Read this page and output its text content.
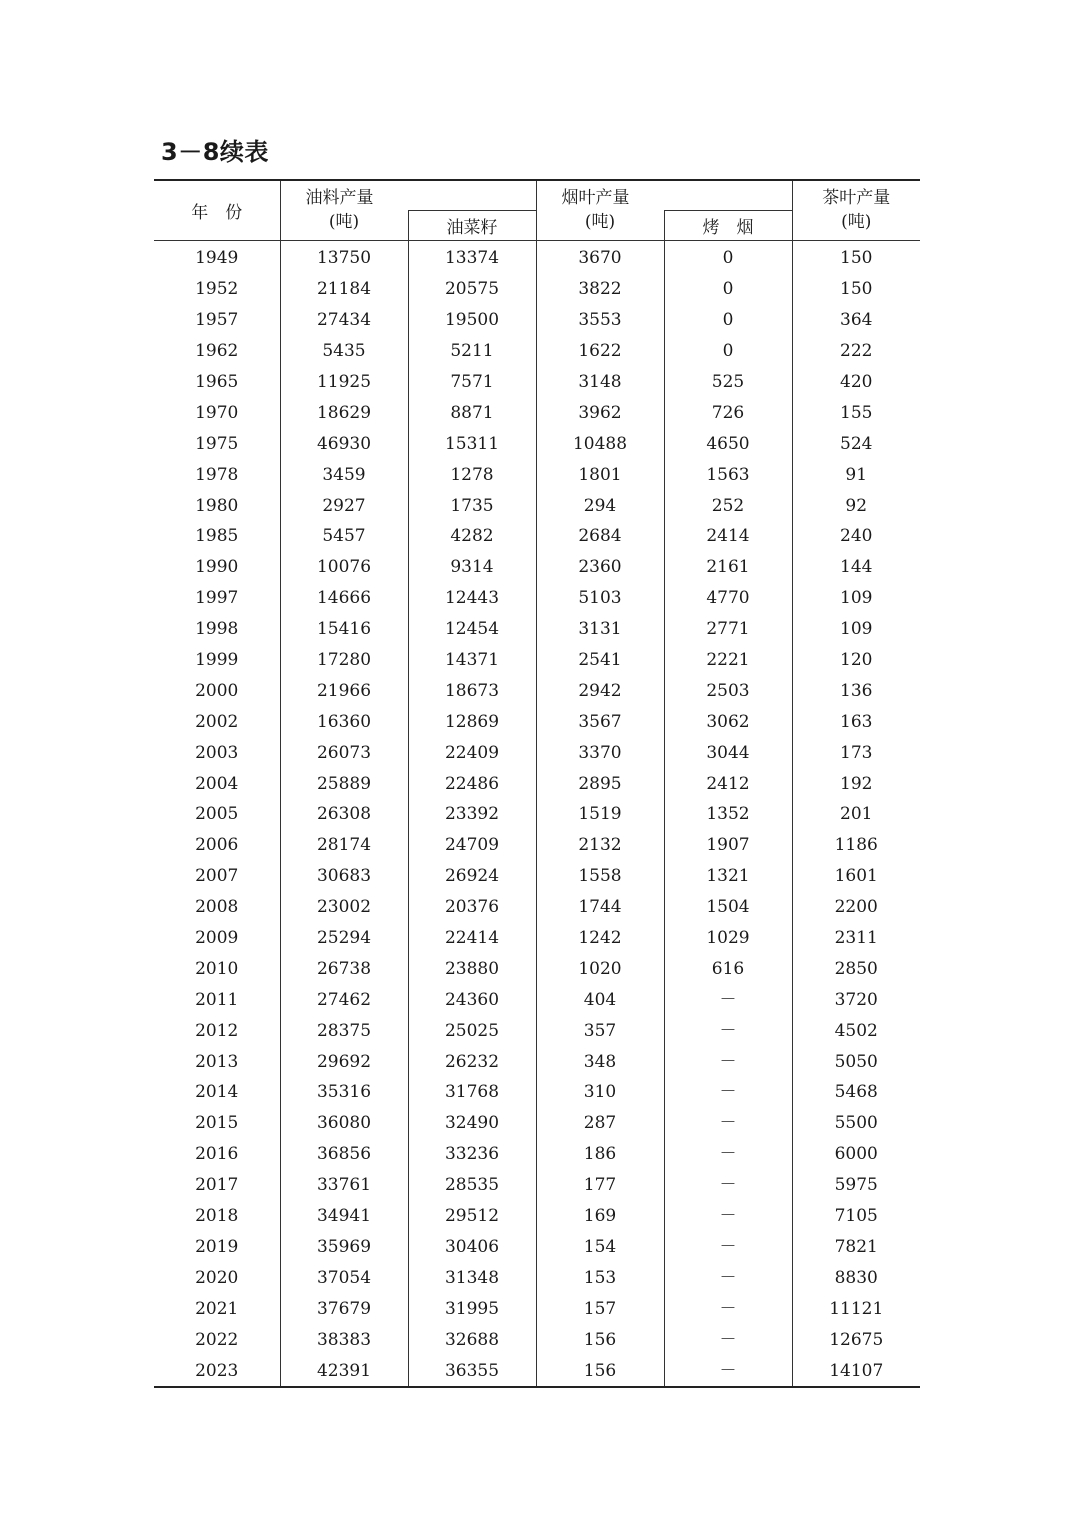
3－8续表
年　份	油料产量		烟叶产量		茶叶产量
	(吨)	油菜籽	(吨)	烤　烟	(吨)
1949	13750	13374	3670	0	150
1952	21184	20575	3822	0	150
1957	27434	19500	3553	0	364
1962	5435	5211	1622	0	222
1965	11925	7571	3148	525	420
1970	18629	8871	3962	726	155
1975	46930	15311	10488	4650	524
1978	3459	1278	1801	1563	91
1980	2927	1735	294	252	92
1985	5457	4282	2684	2414	240
1990	10076	9314	2360	2161	144
1997	14666	12443	5103	4770	109
1998	15416	12454	3131	2771	109
1999	17280	14371	2541	2221	120
2000	21966	18673	2942	2503	136
2002	16360	12869	3567	3062	163
2003	26073	22409	3370	3044	173
2004	25889	22486	2895	2412	192
2005	26308	23392	1519	1352	201
2006	28174	24709	2132	1907	1186
2007	30683	26924	1558	1321	1601
2008	23002	20376	1744	1504	2200
2009	25294	22414	1242	1029	2311
2010	26738	23880	1020	616	2850
2011	27462	24360	404	－	3720
2012	28375	25025	357	－	4502
2013	29692	26232	348	－	5050
2014	35316	31768	310	－	5468
2015	36080	32490	287	－	5500
2016	36856	33236	186	－	6000
2017	33761	28535	177	－	5975
2018	34941	29512	169	－	7105
2019	35969	30406	154	－	7821
2020	37054	31348	153	－	8830
2021	37679	31995	157	－	11121
2022	38383	32688	156	－	12675
2023	42391	36355	156	－	14107
